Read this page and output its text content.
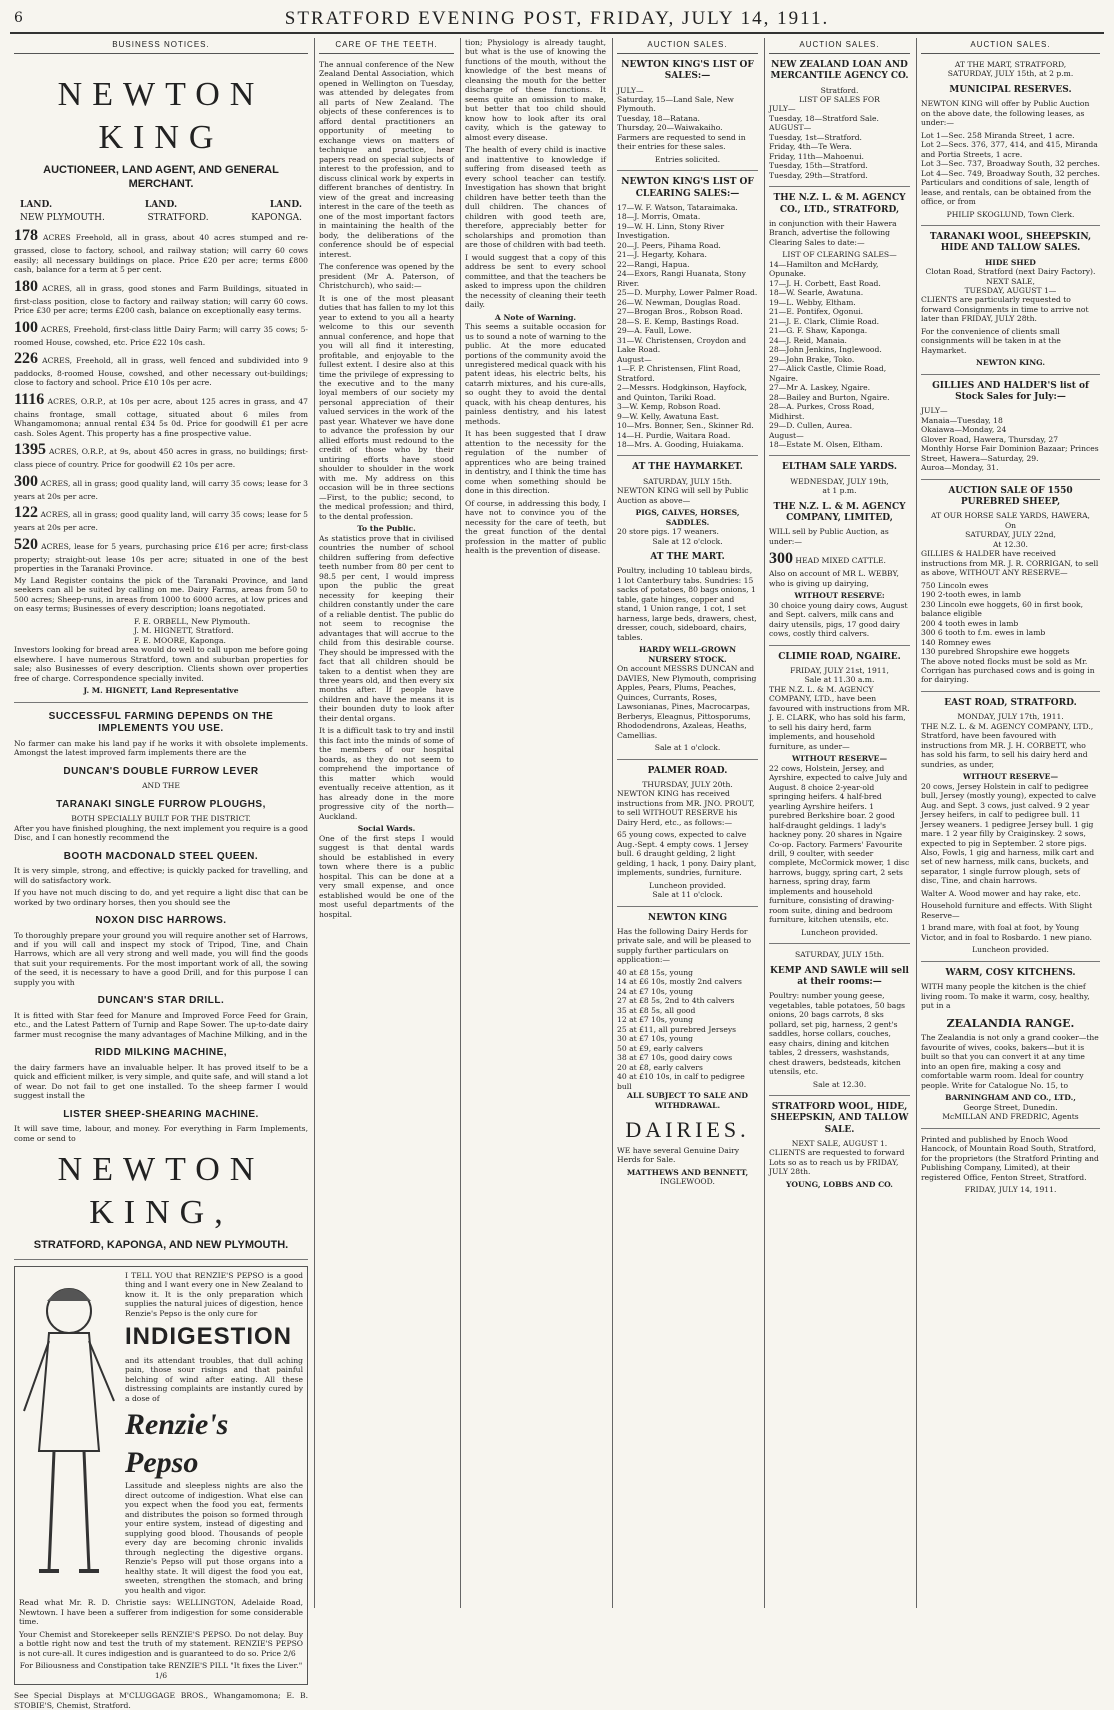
6	STRATFORD EVENING POST, FRIDAY, JULY 14, 1911.
BUSINESS NOTICES.
NEWTON KING
AUCTIONEER, LAND AGENT, AND GENERAL MERCHANT.
LAND.	LAND.	LAND.
NEW PLYMOUTH.	STRATFORD.	KAPONGA.
178 ACRES Freehold, all in grass, about 40 acres stumped and re-grassed, close to factory, school, and railway station; will carry 60 cows easily; all necessary buildings on place. Price £20 per acre; terms £800 cash, balance for a term at 5 per cent.
180 ACRES, all in grass, good stones and Farm Buildings, situated in first-class position, close to factory and railway station; will carry 60 cows. Price £30 per acre; terms £200 cash, balance on exceptionally easy terms.
100 ACRES, Freehold, first-class little Dairy Farm; will carry 35 cows; 5-roomed House, cowshed, etc. Price £22 10s cash.
226 ACRES, Freehold, all in grass, well fenced and subdivided into 9 paddocks, 8-roomed House, cowshed, and other necessary out-buildings; close to factory and school. Price £10 10s per acre.
1116 ACRES, O.R.P., at 10s per acre, about 125 acres in grass, and 47 chains frontage, small cottage, situated about 6 miles from Whangamomona; annual rental £34 5s 0d. Price for goodwill £1 per acre cash. Soles Agent. This property has a fine prospective value.
1395 ACRES, O.R.P., at 9s, about 450 acres in grass, no buildings; first-class piece of country. Price for goodwill £2 10s per acre.
300 ACRES, all in grass; good quality land, will carry 35 cows; lease for 3 years at 20s per acre.
122 ACRES, all in grass; good quality land, will carry 35 cows; lease for 5 years at 20s per acre.
520 ACRES, lease for 5 years, purchasing price £16 per acre; first-class property; straight-out lease 10s per acre; situated in one of the best properties in the Taranaki Province.

My Land Register contains the pick of the Taranaki Province, and land seekers can all be suited by calling on me. Dairy Farms, areas from 50 to 500 acres; Sheep-runs, in areas from 1000 to 6000 acres, at low prices and on easy terms; Businesses of every description; loans negotiated.

F. E. ORBELL, New Plymouth.
J. M. HIGNETT, Stratford.
F. E. MOORE, Kaponga.

Investors looking for bread area would do well to call upon me before going elsewhere. I have numerous Stratford, town and suburban properties for sale; also Businesses of every description. Clients shown over properties free of charge. Correspondence specially invited.

J. M. HIGNETT, Land Representative
SUCCESSFUL FARMING DEPENDS ON THE IMPLEMENTS YOU USE.

No farmer can make his land pay if he works it with obsolete implements. Amongst the latest improved farm implements there are the

DUNCAN'S DOUBLE FURROW LEVER
AND THE
TARANAKI SINGLE FURROW PLOUGHS,
BOTH SPECIALLY BUILT FOR THE DISTRICT.

After you have finished ploughing, the next implement you require is a good Disc, and I can honestly recommend the

BOOTH MACDONALD STEEL QUEEN.

It is very simple, strong, and effective; is quickly packed for travelling, and will do satisfactory work.

If you have not much discing to do, and yet require a light disc that can be worked by two ordinary horses, then you should see the

NOXON DISC HARROWS.

To thoroughly prepare your ground you will require another set of Harrows, and if you will call and inspect my stock of Tripod, Tine, and Chain Harrows, which are all very strong and well made, you will find the goods that suit your requirements. For the most important work of all, the sowing of the seed, it is necessary to have a good Drill, and for this purpose I can supply you with

DUNCAN'S STAR DRILL.

It is fitted with Star feed for Manure and Improved Force Feed for Grain, etc., and the Latest Pattern of Turnip and Rape Sower. The up-to-date dairy farmer must recognise the many advantages of Machine Milking, and in the

RIDD MILKING MACHINE,

the dairy farmers have an invaluable helper. It has proved itself to be a quick and efficient milker, is very simple, and quite safe, and will stand a lot of wear. Do not fail to get one installed. To the sheep farmer I would suggest install the

LISTER SHEEP-SHEARING MACHINE.

It will save time, labour, and money. For everything in Farm Implements, come or send to

NEWTON KING,
STRATFORD, KAPONGA, AND NEW PLYMOUTH.

I TELL YOU that RENZIE'S PEPSO is a good thing and I want every one in New Zealand to know it. It is the only preparation which supplies the natural juices of digestion, hence Renzie's Pepso is the only cure for

INDIGESTION

and its attendant troubles, that dull aching pain, those sour risings and that painful belching of wind after eating. All these distressing complaints are instantly cured by a dose of

Renzie's Pepso

Lassitude and sleepless nights are also the direct outcome of indigestion. What else can you expect when the food you eat, ferments and distributes the poison so formed through your entire system, instead of digesting and supplying good blood. Thousands of people every day are becoming chronic invalids through neglecting the digestive organs. Renzie's Pepso will put those organs into a healthy state. It will digest the food you eat, sweeten, strengthen the stomach, and bring you health and vigor.

Read what Mr. R. D. Christie says: WELLINGTON, Adelaide Road, Newtown. I have been a sufferer from indigestion for some considerable time.

Your Chemist and Storekeeper sells RENZIE'S PEPSO. Do not delay. Buy a bottle right now and test the truth of my statement. RENZIE'S PEPSO is not cure-all. It cures indigestion and is guaranteed to do so. Price 2/6

For Biliousness and Constipation take RENZIE'S PILL "It fixes the Liver." 1/6
See Special Displays at M'CLUGGAGE BROS., Whangamomona; E. B. STOBIE'S, Chemist, Stratford.
CARE OF THE TEETH.

The annual conference of the New Zealand Dental Association, which opened in Wellington on Tuesday, was attended by delegates from all parts of New Zealand. The objects of these conferences is to afford dental practitioners an opportunity of meeting to exchange views on matters of technique and practice, hear papers read on special subjects of interest to the profession, and to discuss clinical work by experts in different branches of dentistry. In view of the great and increasing interest in the care of the teeth as one of the most important factors in maintaining the health of the body, the deliberations of the conference should be of especial interest.

The conference was opened by the president (Mr A. Paterson, of Christchurch), who said:—

It is one of the most pleasant duties that has fallen to my lot this year to extend to you all a hearty welcome to this our seventh annual conference, and hope that you will all find it interesting, profitable, and enjoyable to the fullest extent. I desire also at this time the privilege of expressing to the executive and to the many loyal members of our society my personal appreciation of their valued services in the work of the past year. Whatever we have done to advance the profession by our allied efforts must redound to the credit of those who by their untiring efforts have stood shoulder to shoulder in the work with me. My address on this occasion will be in three sections—First, to the public; second, to the medical profession; and third, to the dental profession.

To the Public.

As statistics prove that in civilised countries the number of school children suffering from defective teeth number from 80 per cent to 98.5 per cent, I would impress upon the public the great necessity for keeping their children constantly under the care of a reliable dentist. The public do not seem to recognise the advantages that will accrue to the child from this desirable course. They should be impressed with the fact that all children should be taken to a dentist when they are three years old, and then every six months after. If people have children and have the means it is their bounden duty to look after their dental organs.

It is a difficult task to try and instil this fact into the minds of some of the members of our hospital boards, as they do not seem to comprehend the importance of this matter which would eventually receive attention, as it has already done in the more progressive city of the north—Auckland.

Social Wards.

One of the first steps I would suggest is that dental wards should be established in every town where there is a public hospital. This can be done at a very small expense, and once established would be one of the most useful departments of the hospital.

tion; Physiology is already taught, but what is the use of knowing the functions of the mouth, without the knowledge of the best means of cleansing the mouth for the better discharge of these functions. It seems quite an omission to make, but better that too child should know how to look after its oral cavity, which is the gateway to almost every disease.

The health of every child is inactive and inattentive to knowledge if suffering from diseased teeth as every school teacher can testify. Investigation has shown that bright children have better teeth than the dull children. The chances of children with good teeth are, therefore, appreciably better for scholarships and promotion than are those of children with bad teeth.

I would suggest that a copy of this address be sent to every school committee, and that the teachers be asked to impress upon the children the necessity of cleaning their teeth daily.

A Note of Warning.

This seems a suitable occasion for us to sound a note of warning to the public. At the more educated portions of the community avoid the unregistered medical quack with his patent ideas, his electric belts, his catarrh mixtures, and his cure-alls, so ought they to avoid the dental quack, with his cheap dentures, his painless dentistry, and his latest methods.

It has been suggested that I draw attention to the necessity for the regulation of the number of apprentices who are being trained in dentistry, and I think the time has come when something should be done in this direction.

Of course, in addressing this body, I have not to convince you of the necessity for the care of teeth, but the great function of the dental profession in the matter of public health is the prevention of disease.

AUCTION SALES.
NEWTON KING'S LIST OF SALES:—
JULY—
Saturday, 15—Land Sale, New Plymouth.
Tuesday, 18—Ratana.
Thursday, 20—Waiwakaiho.

Farmers are requested to send in their entries for these sales.

Entries solicited.
NEWTON KING'S LIST OF CLEARING SALES:—
17—W. F. Watson, Tataraimaka.
18—J. Morris, Omata.
19—W. H. Linn, Stony River Investigation.
20—J. Peers, Pihama Road.
21—J. Hegarty, Kohara.
22—Rangi, Hapua.
24—Exors, Rangi Huanata, Stony River.
25—D. Murphy, Lower Palmer Road.
26—W. Newman, Douglas Road.
27—Brogan Bros., Robson Road.
28—S. E. Kemp, Bastings Road.
29—A. Faull, Lowe.
31—W. Christensen, Croydon and Lake Road.
August—
1—F. P. Christensen, Flint Road, Stratford.
2—Messrs. Hodgkinson, Hayfock, and Quinton, Tariki Road.
3—W. Kemp, Robson Road.
9—W. Kelly, Awatuna East.
10—Mrs. Bonner, Sen., Skinner Rd.
14—H. Purdie, Waitara Road.
18—Mrs. A. Gooding, Huiakama.
AT THE HAYMARKET.
SATURDAY, JULY 15th.

NEWTON KING will sell by Public Auction as above—

PIGS, CALVES, HORSES, SADDLES.
20 store pigs. 17 weaners.
Sale at 12 o'clock.
AT THE MART.

Poultry, including 10 tableau birds, 1 lot Canterbury tabs. Sundries: 15 sacks of potatoes, 80 bags onions, 1 table, gate hinges, copper and stand, 1 Union range, 1 cot, 1 set harness, large beds, drawers, chest, dresser, couch, sideboard, chairs, tables.

HARDY WELL-GROWN NURSERY STOCK.

On account MESSRS DUNCAN and DAVIES, New Plymouth, comprising Apples, Pears, Plums, Peaches, Quinces, Currants, Roses, Lawsonianas, Pines, Macrocarpas, Berberys, Eleagnus, Pittosporums, Rhododendrons, Azaleas, Heaths, Camellias.

Sale at 1 o'clock.
PALMER ROAD.
THURSDAY, JULY 20th.

NEWTON KING has received instructions from MR. JNO. PROUT, to sell WITHOUT RESERVE his Dairy Herd, etc., as follows:—

65 young cows, expected to calve Aug.-Sept. 4 empty cows. 1 Jersey bull. 6 draught gelding, 2 light gelding, 1 hack, 1 pony. Dairy plant, implements, sundries, furniture.

Luncheon provided.
Sale at 11 o'clock.
NEWTON KING

Has the following Dairy Herds for private sale, and will be pleased to supply further particulars on application:—

40 at £8 15s, young
14 at £6 10s, mostly 2nd calvers
24 at £7 10s, young
27 at £8 5s, 2nd to 4th calvers
35 at £8 5s, all good
12 at £7 10s, young
25 at £11, all purebred Jerseys
30 at £7 10s, young
50 at £9, early calvers
38 at £7 10s, good dairy cows
20 at £8, early calvers
40 at £10 10s, in calf to pedigree bull
ALL SUBJECT TO SALE AND WITHDRAWAL.
DAIRIES.

WE have several Genuine Dairy Herds for Sale.

MATTHEWS AND BENNETT,
INGLEWOOD.
AUCTION SALES.
NEW ZEALAND LOAN AND MERCANTILE AGENCY CO.
Stratford.
LIST OF SALES FOR
JULY—
Tuesday, 18—Stratford Sale.
AUGUST—
Tuesday, 1st—Stratford.
Friday, 4th—Te Wera.
Friday, 11th—Mahoenui.
Tuesday, 15th—Stratford.
Tuesday, 29th—Stratford.
THE N.Z. L. & M. AGENCY CO., LTD., STRATFORD,

in conjunction with their Hawera Branch, advertise the following Clearing Sales to date:—

LIST OF CLEARING SALES—
14—Hamilton and McHardy, Opunake.
17—J. H. Corbett, East Road.
18—W. Searle, Awatuna.
19—L. Webby, Eltham.
21—E. Pontifex, Ogonui.
21—J. E. Clark, Climie Road.
21—G. F. Shaw, Kaponga.
24—J. Reid, Manaia.
28—John Jenkins, Inglewood.
29—John Brake, Toko.
27—Alick Castle, Climie Road, Ngaire.
27—Mr A. Laskey, Ngaire.
28—Bailey and Burton, Ngaire.
28—A. Purkes, Cross Road, Midhirst.
29—D. Cullen, Aurea.
August—
18—Estate M. Olsen, Eltham.
ELTHAM SALE YARDS.
WEDNESDAY, JULY 19th,
at 1 p.m.
THE N.Z. L. & M. AGENCY COMPANY, LIMITED,

WILL sell by Public Auction, as under:—

300 HEAD MIXED CATTLE.

Also on account of MR L. WEBBY, who is giving up dairying,

WITHOUT RESERVE:

30 choice young dairy cows, August and Sept. calvers, milk cans and dairy utensils, pigs, 17 good dairy cows, costly third calvers.

CLIMIE ROAD, NGAIRE.
FRIDAY, JULY 21st, 1911,
Sale at 11.30 a.m.

THE N.Z. L. & M. AGENCY COMPANY, LTD., have been favoured with instructions from MR. J. E. CLARK, who has sold his farm, to sell his dairy herd, farm implements, and household furniture, as under—

WITHOUT RESERVE—

22 cows, Holstein, Jersey, and Ayrshire, expected to calve July and August. 8 choice 2-year-old springing heifers. 4 half-bred yearling Ayrshire heifers. 1 purebred Berkshire boar. 2 good half-draught geldings. 1 lady's hackney pony. 20 shares in Ngaire Co-op. Factory. Farmers' Favourite drill, 9 coulter, with seeder complete, McCormick mower, 1 disc harrows, buggy, spring cart, 2 sets harness, spring dray, farm implements and household furniture, consisting of drawing-room suite, dining and bedroom furniture, kitchen utensils, etc.

Luncheon provided.
SATURDAY, JULY 15th.
KEMP AND SAWLE will sell at their rooms:—

Poultry: number young geese, vegetables, table potatoes, 50 bags onions, 20 bags carrots, 8 sks pollard, set pig, harness, 2 gent's saddles, horse collars, couches, easy chairs, dining and kitchen tables, 2 dressers, washstands, chest drawers, bedsteads, kitchen utensils, etc.

Sale at 12.30.
STRATFORD WOOL, HIDE, SHEEPSKIN, AND TALLOW SALE.
NEXT SALE, AUGUST 1.

CLIENTS are requested to forward Lots so as to reach us by FRIDAY, JULY 28th.

YOUNG, LOBBS AND CO.
AUCTION SALES.
AT THE MART, STRATFORD,
SATURDAY, JULY 15th, at 2 p.m.
MUNICIPAL RESERVES.

NEWTON KING will offer by Public Auction on the above date, the following leases, as under:—

Lot 1—Sec. 258 Miranda Street, 1 acre.
Lot 2—Secs. 376, 377, 414, and 415, Miranda and Portia Streets, 1 acre.
Lot 3—Sec. 737, Broadway South, 32 perches.
Lot 4—Sec. 749, Broadway South, 32 perches.

Particulars and conditions of sale, length of lease, and rentals, can be obtained from the office, or from

PHILIP SKOGLUND, Town Clerk.
TARANAKI WOOL, SHEEPSKIN, HIDE AND TALLOW SALES.
HIDE SHED
Clotan Road, Stratford (next Dairy Factory).
NEXT SALE,
TUESDAY, AUGUST 1—

CLIENTS are particularly requested to forward Consignments in time to arrive not later than FRIDAY, JULY 28th.

For the convenience of clients small consignments will be taken in at the Haymarket.

NEWTON KING.
GILLIES AND HALDER'S list of Stock Sales for July:—
JULY—
Manaia—Tuesday, 18
Okaiawa—Monday, 24
Glover Road, Hawera, Thursday, 27
Monthly Horse Fair Dominion Bazaar; Princes Street, Hawera—Saturday, 29.
Auroa—Monday, 31.
AUCTION SALE OF 1550 PUREBRED SHEEP,
AT OUR HORSE SALE YARDS, HAWERA,
On
SATURDAY, JULY 22nd,
At 12.30.

GILLIES & HALDER have received instructions from MR. J. R. CORRIGAN, to sell as above, WITHOUT ANY RESERVE—

750 Lincoln ewes
190 2-tooth ewes, in lamb
230 Lincoln ewe hoggets, 60 in first book, balance eligible
200 4 tooth ewes in lamb
300 6 tooth to f.m. ewes in lamb
140 Romney ewes
130 purebred Shropshire ewe hoggets

The above noted flocks must be sold as Mr. Corrigan has purchased cows and is going in for dairying.

EAST ROAD, STRATFORD.
MONDAY, JULY 17th, 1911.

THE N.Z. L. & M. AGENCY COMPANY, LTD., Stratford, have been favoured with instructions from MR. J. H. CORBETT, who has sold his farm, to sell his dairy herd and sundries, as under,

WITHOUT RESERVE—

20 cows, Jersey Holstein in calf to pedigree bull, Jersey (mostly young), expected to calve Aug. and Sept. 3 cows, just calved. 9 2 year Jersey heifers, in calf to pedigree bull. 11 Jersey weaners. 1 pedigree Jersey bull. 1 gig mare. 1 2 year filly by Craiginskey. 2 sows, expected to pig in September. 2 store pigs. Also, Fowls, 1 gig and harness, milk cart and set of new harness, milk cans, buckets, and separator, 1 single furrow plough, sets of disc, Tine, and chain harrows.

Walter A. Wood mower and hay rake, etc.

Household furniture and effects. With Slight Reserve—

1 brand mare, with foal at foot, by Young Victor, and in foal to Rosbardo. 1 new piano.

Luncheon provided.
WARM, COSY KITCHENS.

WITH many people the kitchen is the chief living room. To make it warm, cosy, healthy, put in a

ZEALANDIA RANGE.

The Zealandia is not only a grand cooker—the favourite of wives, cooks, bakers—but it is built so that you can convert it at any time into an open fire, making a cosy and comfortable warm room. Ideal for country people. Write for Catalogue No. 15, to

BARNINGHAM AND CO., LTD.,
George Street, Dunedin.
McMILLAN AND FREDRIC, Agents

Printed and published by Enoch Wood Hancock, of Mountain Road South, Stratford, for the proprietors (the Stratford Printing and Publishing Company, Limited), at their registered Office, Fenton Street, Stratford.

FRIDAY, JULY 14, 1911.
